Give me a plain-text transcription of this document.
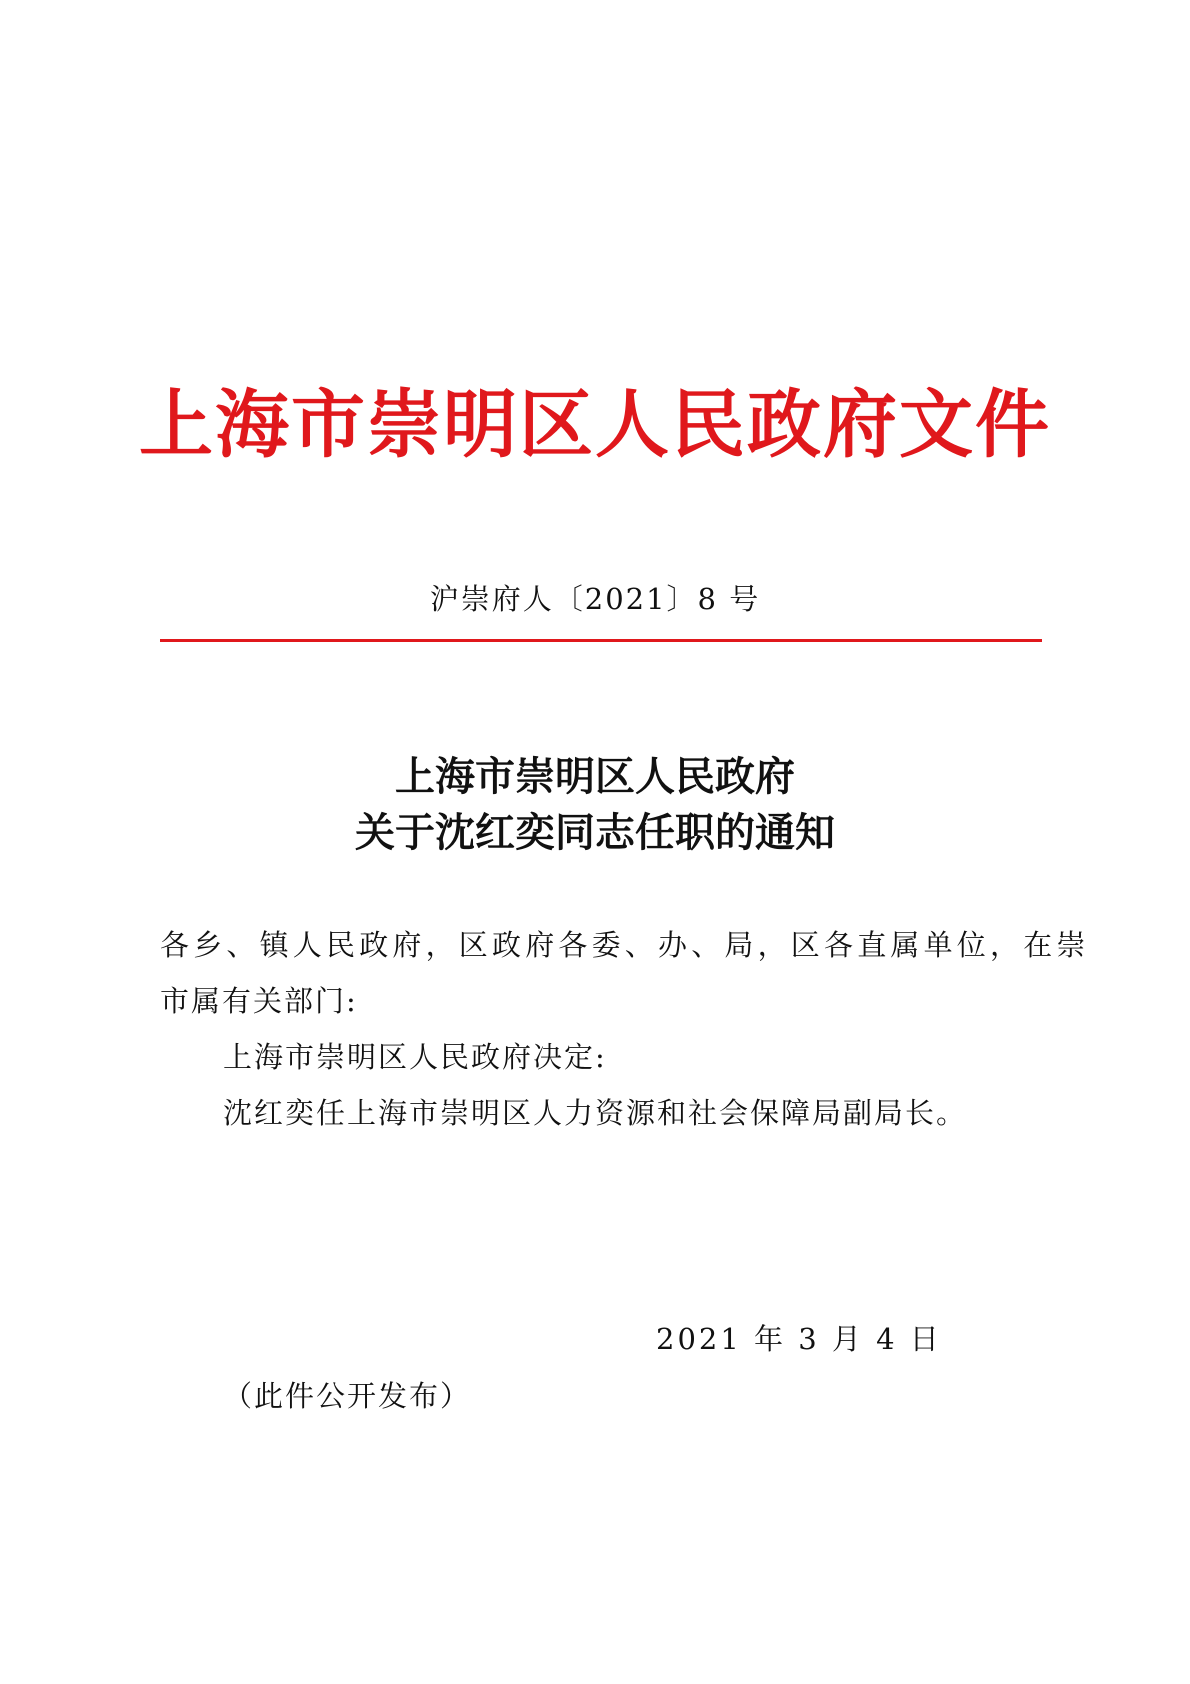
上海市崇明区人民政府文件
沪崇府人〔2021〕8 号
上海市崇明区人民政府
关于沈红奕同志任职的通知
各乡、镇人民政府，区政府各委、办、局，区各直属单位，在崇
市属有关部门:
上海市崇明区人民政府决定:
沈红奕任上海市崇明区人力资源和社会保障局副局长。
2021 年 3 月 4 日
（此件公开发布）
